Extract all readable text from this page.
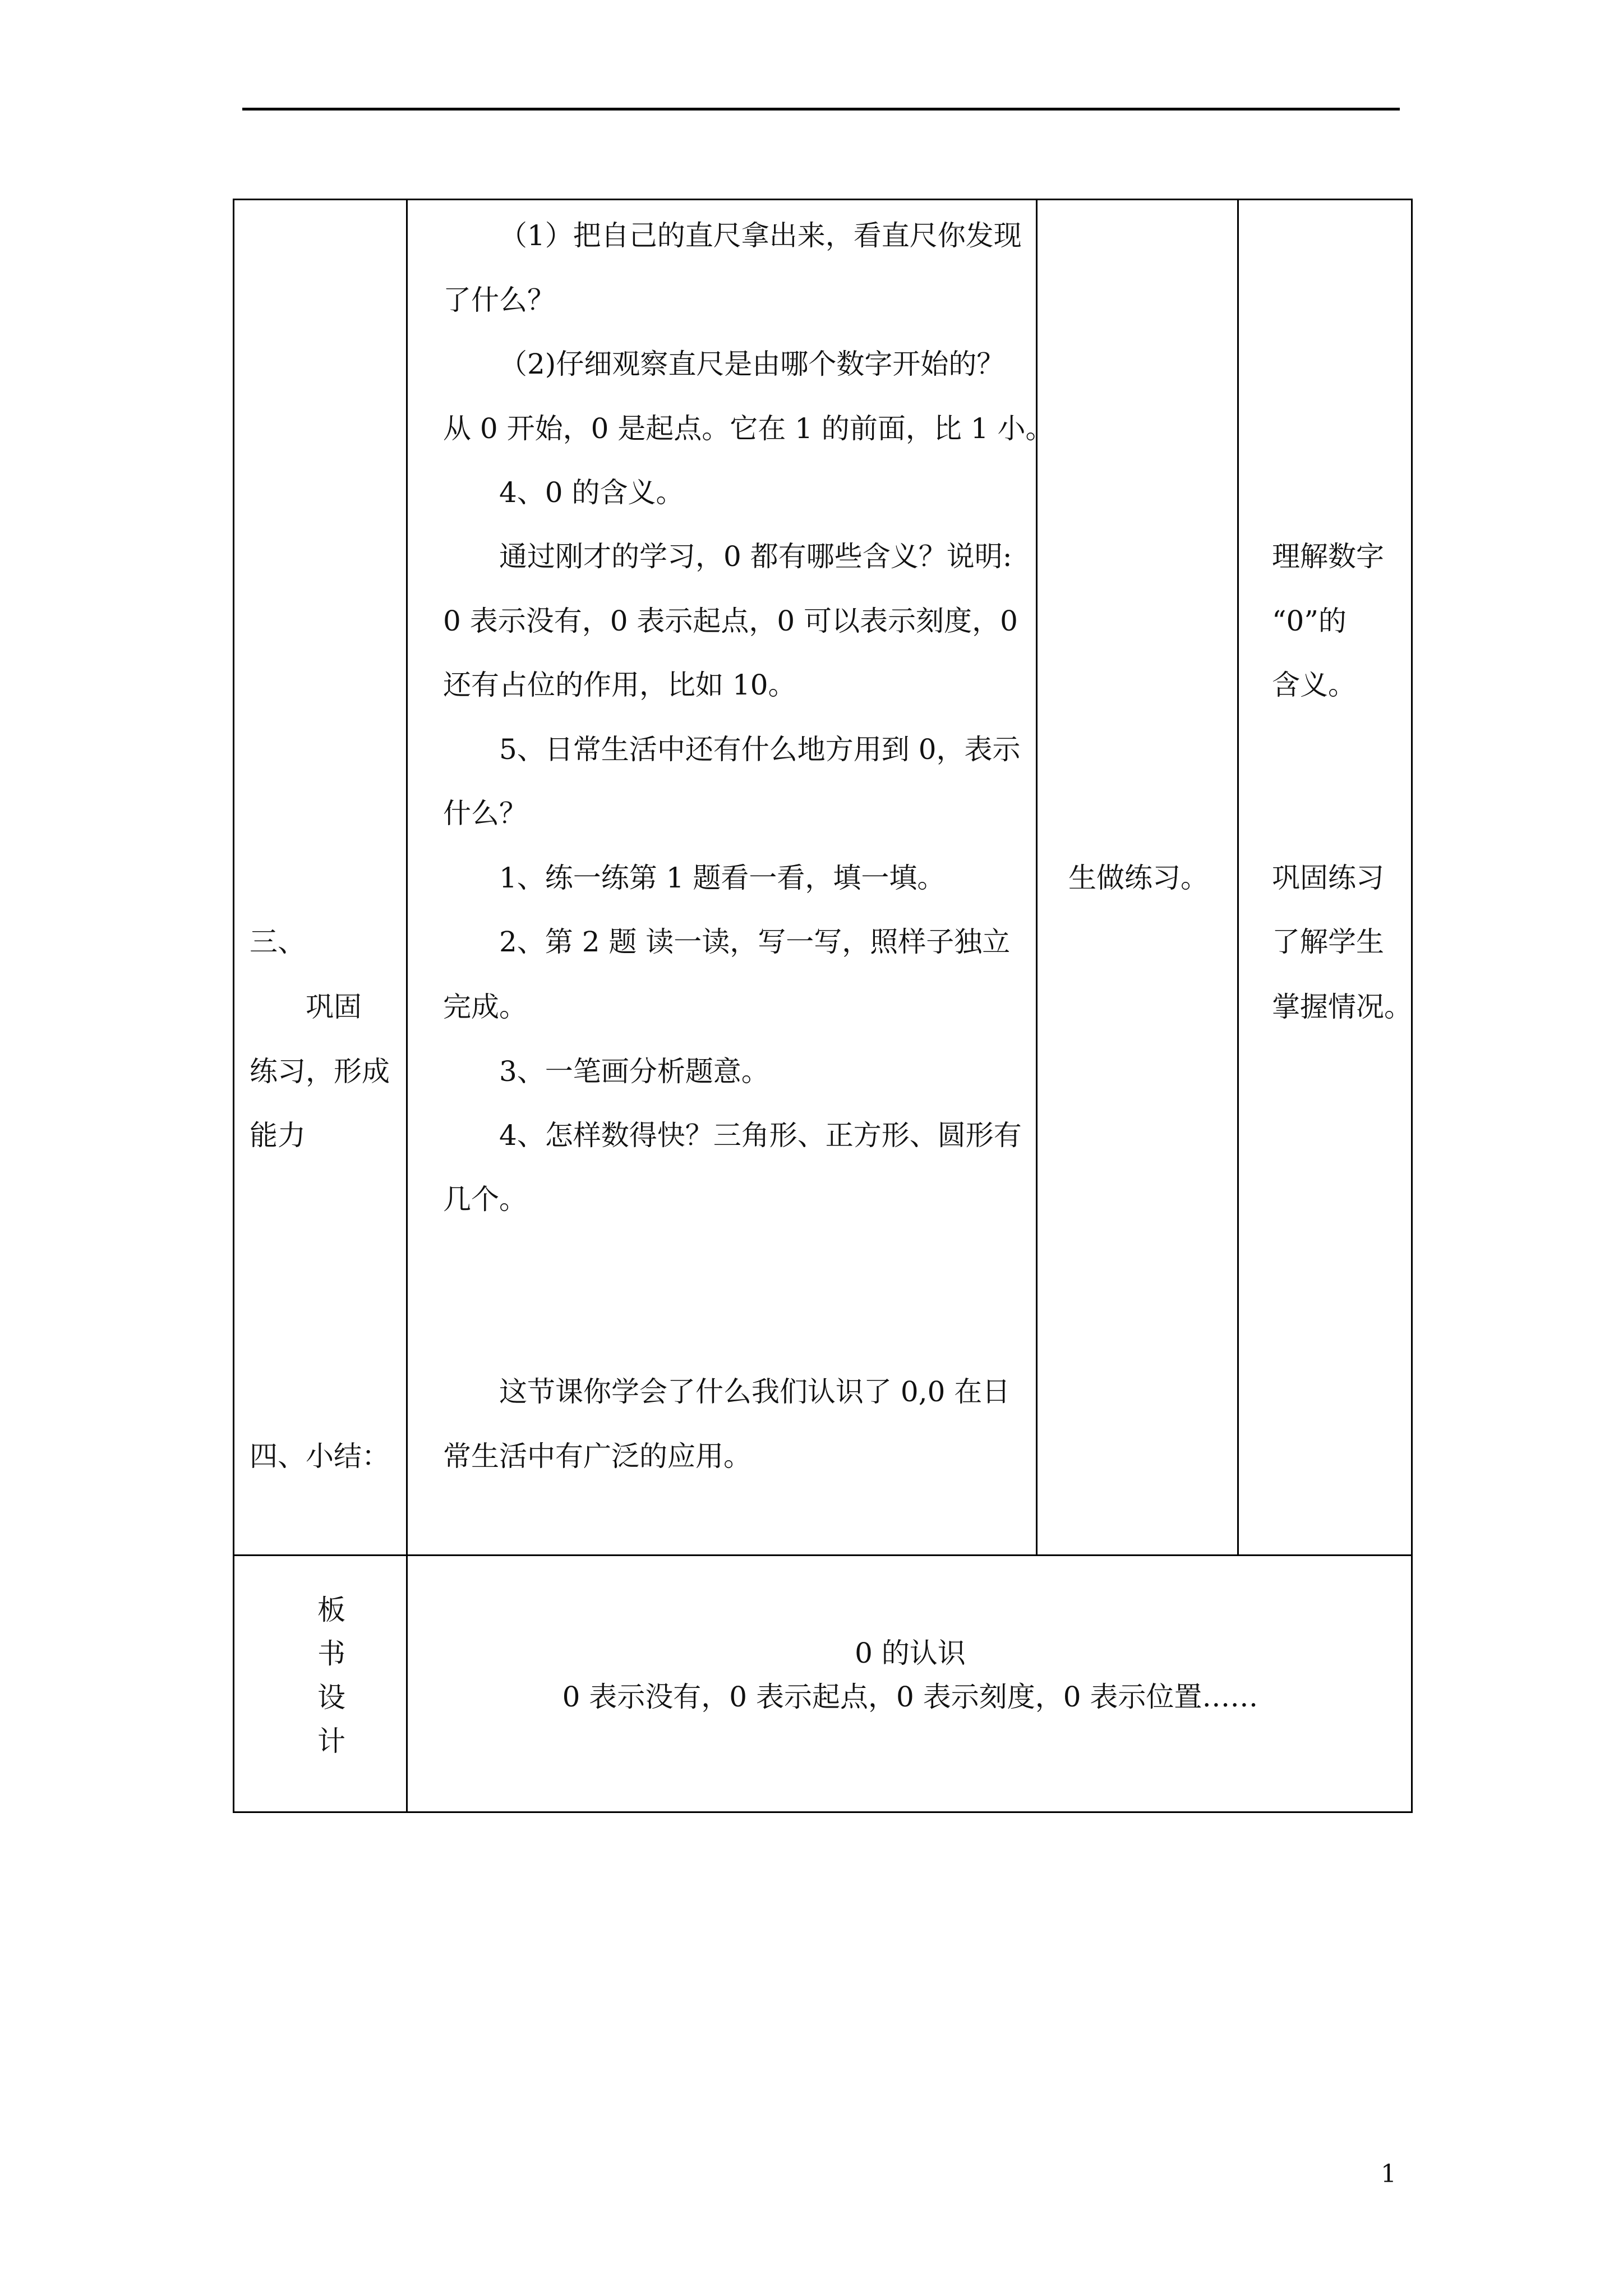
三、
巩固
练习，形成
能力
四、小结：
（1）把自己的直尺拿出来，看直尺你发现
了什么？
（2)仔细观察直尺是由哪个数字开始的？
从 0 开始，0 是起点。它在 1 的前面，比 1 小。
4、0 的含义。
通过刚才的学习，0 都有哪些含义？说明:
0 表示没有，0 表示起点，0 可以表示刻度，0
还有占位的作用，比如 10。
5、日常生活中还有什么地方用到 0，表示
什么？
1、练一练第 1 题看一看，填一填。
2、第 2 题 读一读，写一写，照样子独立
完成。
3、一笔画分析题意。
4、怎样数得快？三角形、正方形、圆形有
几个。
这节课你学会了什么我们认识了 0,0 在日
常生活中有广泛的应用。
生做练习。
理解数字
“0”的
含义。
巩固练习
了解学生
掌握情况。
板
书
设
计
0 的认识
0 表示没有，0 表示起点，0 表示刻度，0 表示位置……
1
